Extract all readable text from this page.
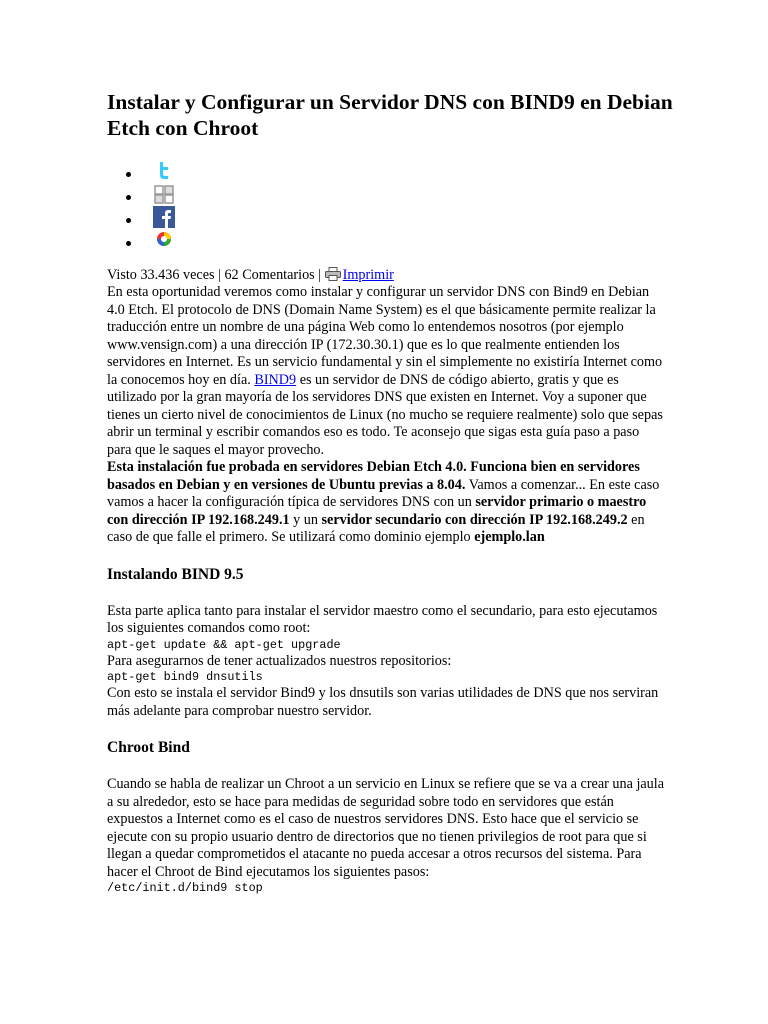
Instalar y Configurar un Servidor DNS con BIND9 en Debian Etch con Chroot

Visto 33.436 veces | 62 Comentarios | Imprimir

En esta oportunidad veremos como instalar y configurar un servidor DNS con Bind9 en Debian 4.0 Etch. El protocolo de DNS (Domain Name System) es el que básicamente permite realizar la traducción entre un nombre de una página Web como lo entendemos nosotros (por ejemplo www.vensign.com) a una dirección IP (172.30.30.1) que es lo que realmente entienden los servidores en Internet. Es un servicio fundamental y sin el simplemente no existiría Internet como la conocemos hoy en día. BIND9 es un servidor de DNS de código abierto, gratis y que es utilizado por la gran mayoría de los servidores DNS que existen en Internet. Voy a suponer que tienes un cierto nivel de conocimientos de Linux (no mucho se requiere realmente) solo que sepas abrir un terminal y escribir comandos eso es todo. Te aconsejo que sigas esta guía paso a paso para que le saques el mayor provecho.

Esta instalación fue probada en servidores Debian Etch 4.0. Funciona bien en servidores basados en Debian y en versiones de Ubuntu previas a 8.04. Vamos a comenzar... En este caso vamos a hacer la configuración típica de servidores DNS con un servidor primario o maestro con dirección IP 192.168.249.1 y un servidor secundario con dirección IP 192.168.249.2 en caso de que falle el primero. Se utilizará como dominio ejemplo ejemplo.lan

Instalando BIND 9.5

Esta parte aplica tanto para instalar el servidor maestro como el secundario, para esto ejecutamos los siguientes comandos como root:

apt-get update && apt-get upgrade

Para asegurarnos de tener actualizados nuestros repositorios:

apt-get bind9 dnsutils

Con esto se instala el servidor Bind9 y los dnsutils son varias utilidades de DNS que nos serviran más adelante para comprobar nuestro servidor.

Chroot Bind

Cuando se habla de realizar un Chroot a un servicio en Linux se refiere que se va a crear una jaula a su alrededor, esto se hace para medidas de seguridad sobre todo en servidores que están expuestos a Internet como es el caso de nuestros servidores DNS. Esto hace que el servicio se ejecute con su propio usuario dentro de directorios que no tienen privilegios de root para que si llegan a quedar comprometidos el atacante no pueda accesar a otros recursos del sistema. Para hacer el Chroot de Bind ejecutamos los siguientes pasos:

/etc/init.d/bind9 stop
